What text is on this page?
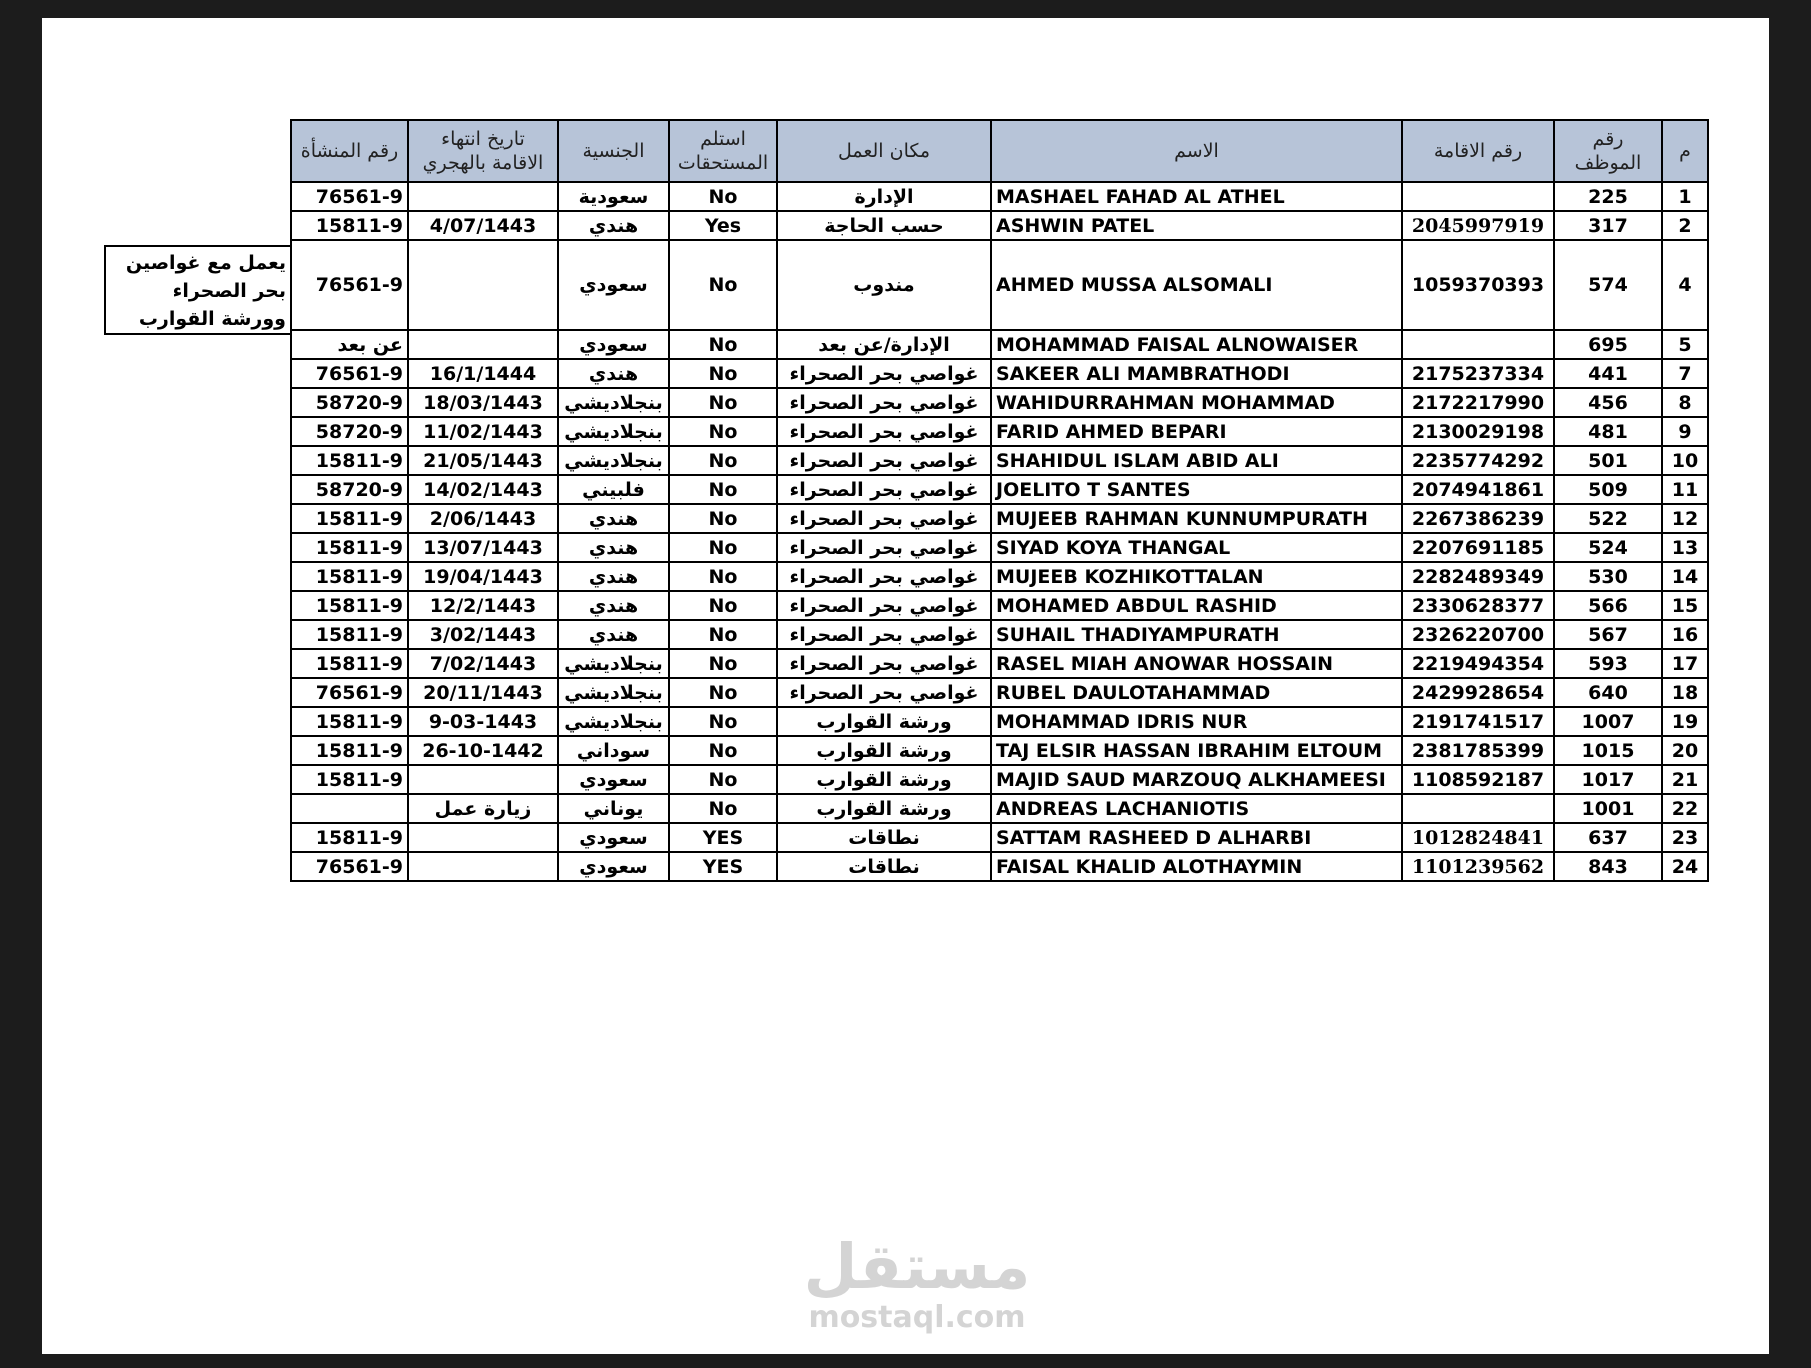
يعمل مع غواصين بحر الصحراء وورشة القوارب
رقم المنشأة	تاريخ انتهاء الاقامة بالهجري	الجنسية	استلم المستحقات	مكان العمل	الاسم	رقم الاقامة	رقم الموظف	م
76561-9		سعودية	No	الإدارة	MASHAEL FAHAD AL ATHEL		225	1
15811-9	4/07/1443	هندي	Yes	حسب الحاجة	ASHWIN PATEL	2045997919	317	2
76561-9		سعودي	No	مندوب	AHMED MUSSA ALSOMALI	1059370393	574	4
عن بعد		سعودي	No	الإدارة/عن بعد	MOHAMMAD FAISAL ALNOWAISER		695	5
76561-9	16/1/1444	هندي	No	غواصي بحر الصحراء	SAKEER ALI MAMBRATHODI	2175237334	441	7
58720-9	18/03/1443	بنجلاديشي	No	غواصي بحر الصحراء	WAHIDURRAHMAN MOHAMMAD	2172217990	456	8
58720-9	11/02/1443	بنجلاديشي	No	غواصي بحر الصحراء	FARID AHMED BEPARI	2130029198	481	9
15811-9	21/05/1443	بنجلاديشي	No	غواصي بحر الصحراء	SHAHIDUL ISLAM ABID ALI	2235774292	501	10
58720-9	14/02/1443	فلبيني	No	غواصي بحر الصحراء	JOELITO T SANTES	2074941861	509	11
15811-9	2/06/1443	هندي	No	غواصي بحر الصحراء	MUJEEB RAHMAN KUNNUMPURATH	2267386239	522	12
15811-9	13/07/1443	هندي	No	غواصي بحر الصحراء	SIYAD KOYA THANGAL	2207691185	524	13
15811-9	19/04/1443	هندي	No	غواصي بحر الصحراء	MUJEEB KOZHIKOTTALAN	2282489349	530	14
15811-9	12/2/1443	هندي	No	غواصي بحر الصحراء	MOHAMED ABDUL RASHID	2330628377	566	15
15811-9	3/02/1443	هندي	No	غواصي بحر الصحراء	SUHAIL THADIYAMPURATH	2326220700	567	16
15811-9	7/02/1443	بنجلاديشي	No	غواصي بحر الصحراء	RASEL MIAH ANOWAR HOSSAIN	2219494354	593	17
76561-9	20/11/1443	بنجلاديشي	No	غواصي بحر الصحراء	RUBEL DAULOTAHAMMAD	2429928654	640	18
15811-9	9-03-1443	بنجلاديشي	No	ورشة القوارب	MOHAMMAD IDRIS NUR	2191741517	1007	19
15811-9	26-10-1442	سوداني	No	ورشة القوارب	TAJ ELSIR HASSAN IBRAHIM ELTOUM	2381785399	1015	20
15811-9		سعودي	No	ورشة القوارب	MAJID SAUD MARZOUQ ALKHAMEESI	1108592187	1017	21
	زيارة عمل	يوناني	No	ورشة القوارب	ANDREAS LACHANIOTIS		1001	22
15811-9		سعودي	YES	نطاقات	SATTAM RASHEED D ALHARBI	1012824841	637	23
76561-9		سعودي	YES	نطاقات	FAISAL KHALID ALOTHAYMIN	1101239562	843	24
مستقل
mostaql.com
